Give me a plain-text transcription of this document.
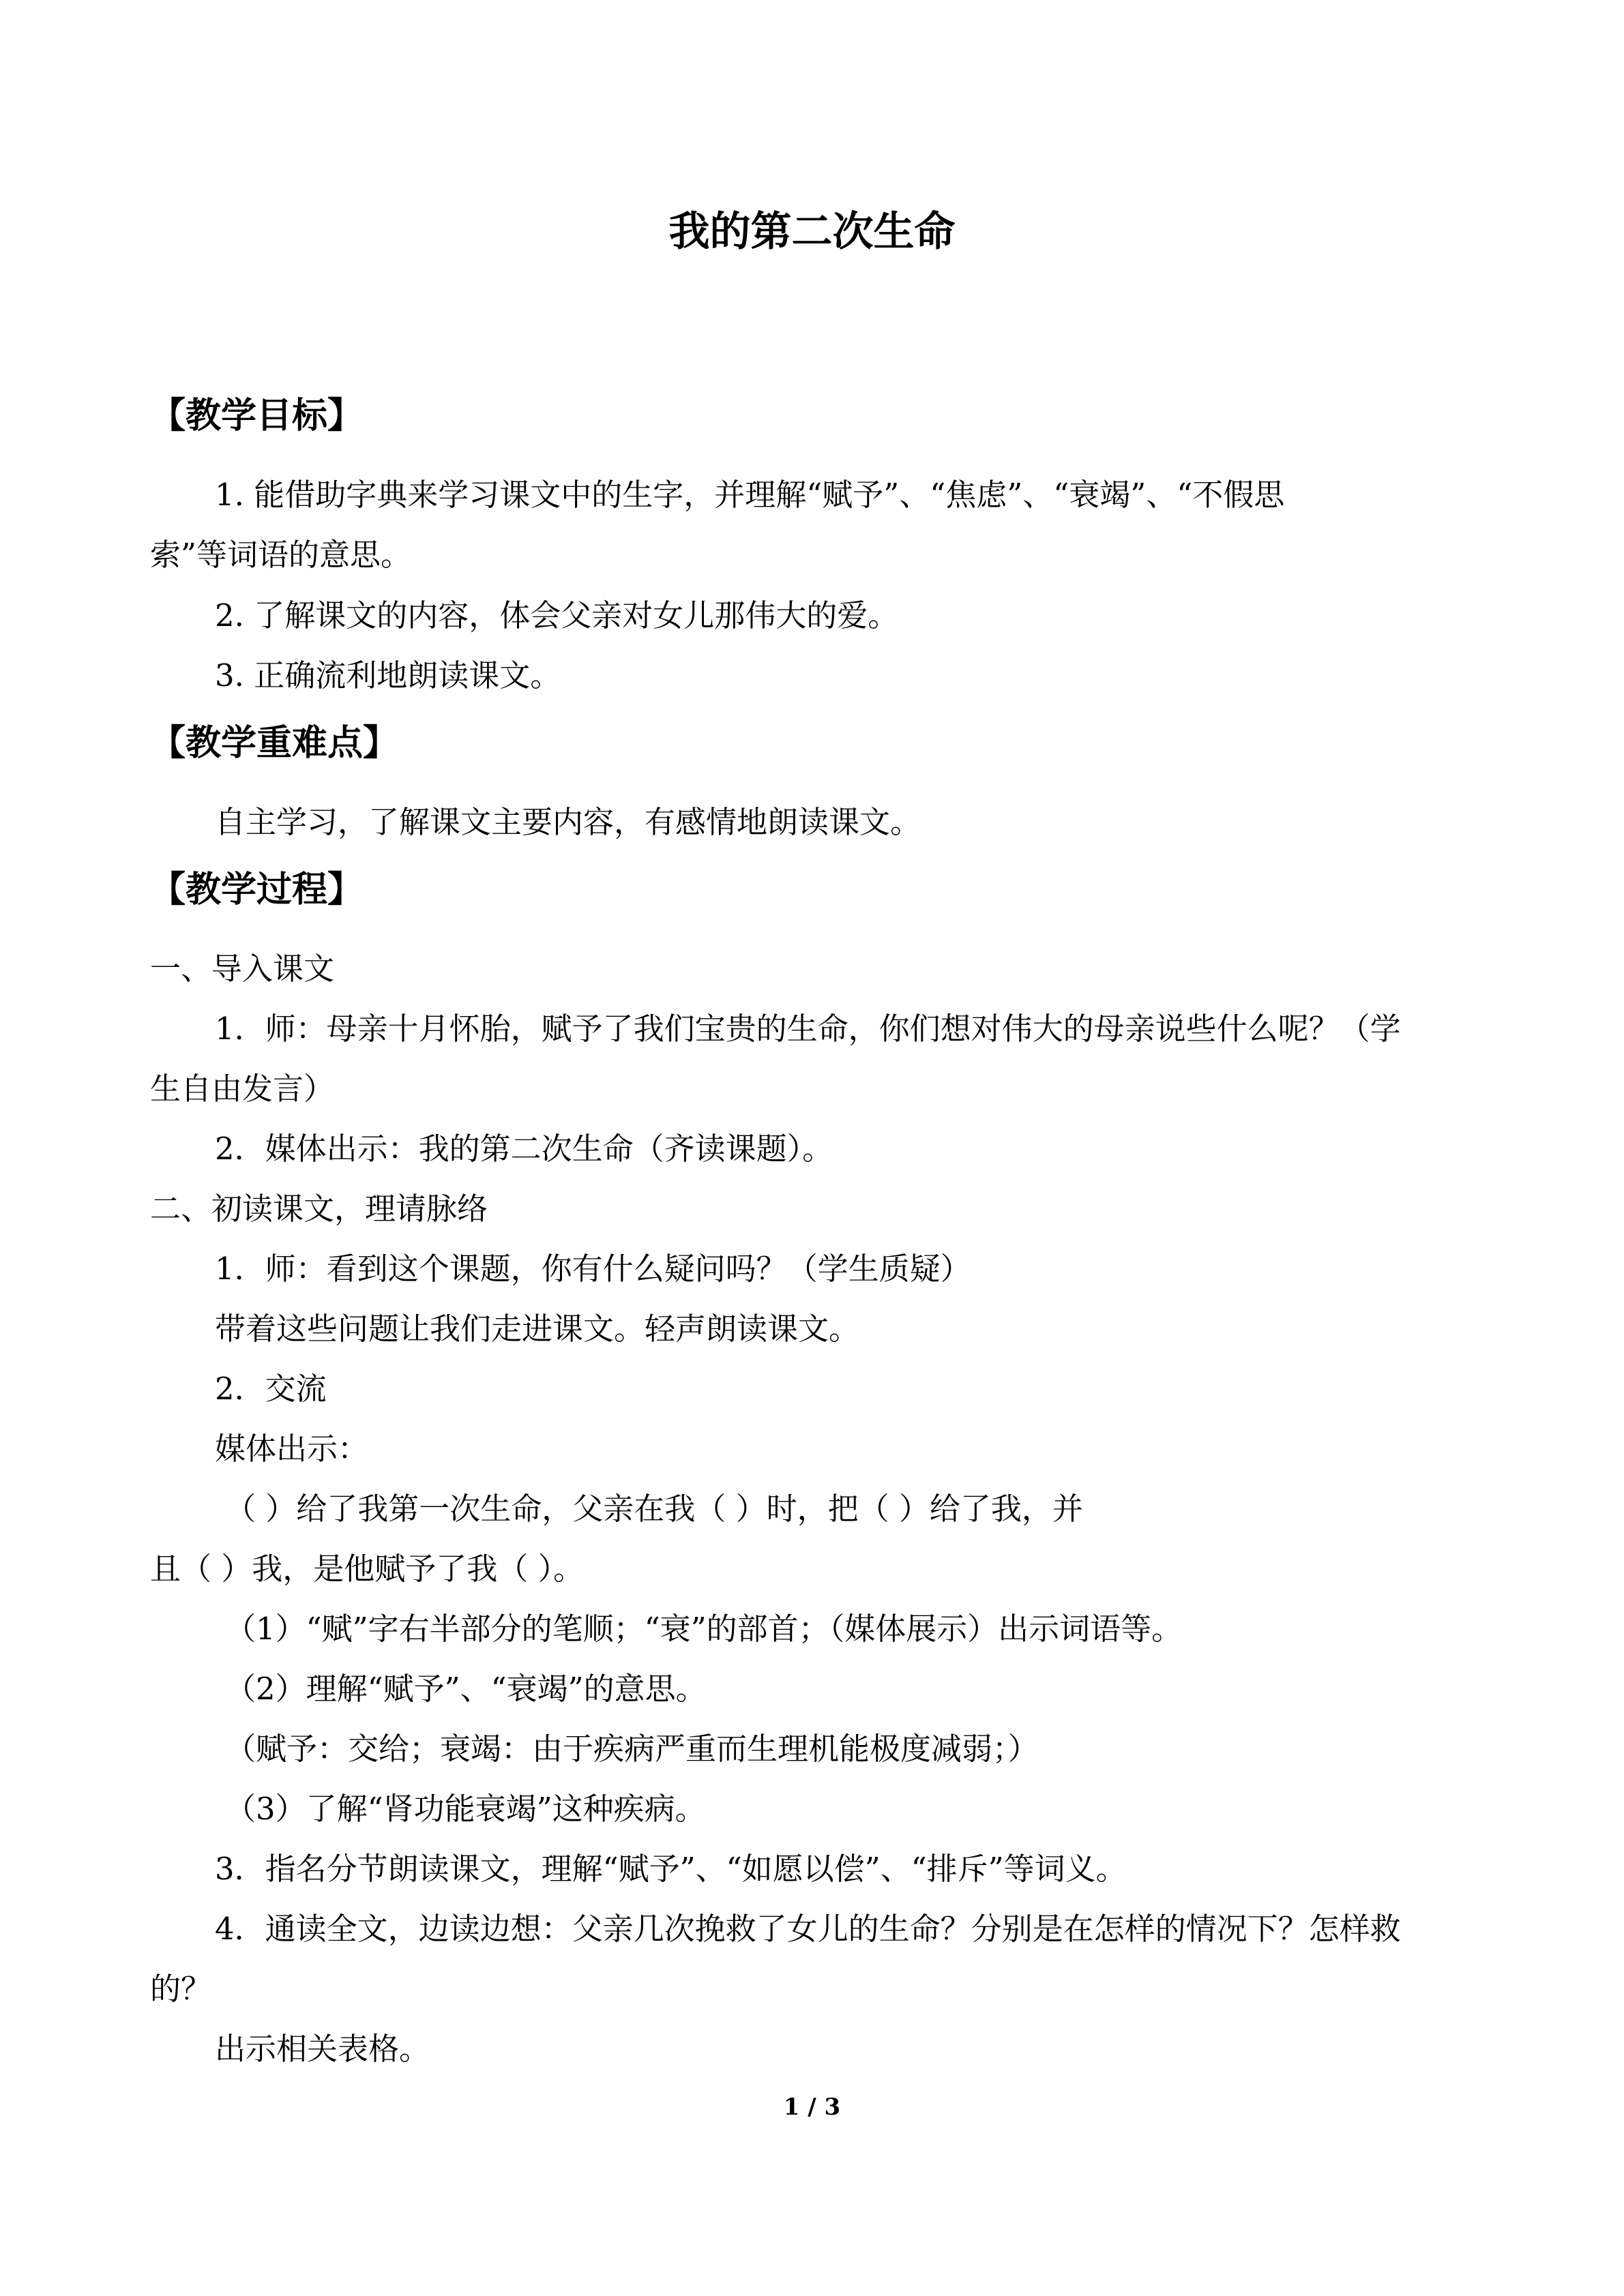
我的第二次生命
【教学目标】
1. 能借助字典来学习课文中的生字，并理解“赋予”、“焦虑”、“衰竭”、“不假思
索”等词语的意思。
2. 了解课文的内容，体会父亲对女儿那伟大的爱。
3. 正确流利地朗读课文。
【教学重难点】
自主学习，了解课文主要内容，有感情地朗读课文。
【教学过程】
一、导入课文
1．师：母亲十月怀胎，赋予了我们宝贵的生命，你们想对伟大的母亲说些什么呢？（学
生自由发言）
2．媒体出示：我的第二次生命（齐读课题）。
二、初读课文，理请脉络
1．师：看到这个课题，你有什么疑问吗？（学生质疑）
带着这些问题让我们走进课文。轻声朗读课文。
2．交流
媒体出示：
（ ）给了我第一次生命，父亲在我（ ）时，把（ ）给了我，并
且（ ）我，是他赋予了我（ ）。
（1）“赋”字右半部分的笔顺；“衰”的部首；（媒体展示）出示词语等。
（2）理解“赋予”、“衰竭”的意思。
（赋予：交给；衰竭：由于疾病严重而生理机能极度减弱；）
（3）了解“肾功能衰竭”这种疾病。
3．指名分节朗读课文，理解“赋予”、“如愿以偿”、“排斥”等词义。
4．通读全文，边读边想：父亲几次挽救了女儿的生命？分别是在怎样的情况下？怎样救
的？
出示相关表格。
1 / 3
